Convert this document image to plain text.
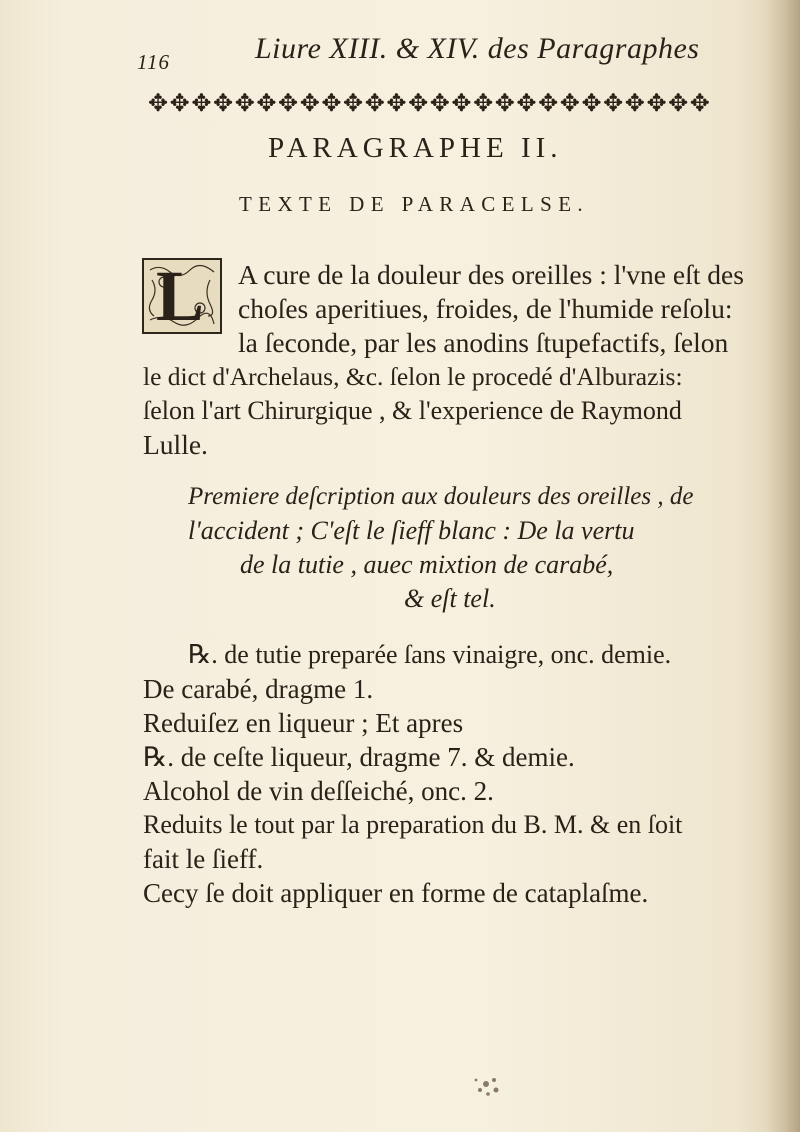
116	Liure XIII. & XIV. des Paragraphes
✥ ✥ ✥ ✥ ✥ ✥ ✥ ✥ ✥ ✥ ✥ ✥ ✥ ✥ ✥ ✥ ✥ ✥ ✥ ✥ ✥ ✥ ✥ ✥ ✥ ✥
PARAGRAPHE II.
TEXTE DE PARACELSE.
L A cure de la douleur des oreilles : l'vne eſt des
choſes aperitiues, froides, de l'humide reſolu:
la ſeconde, par les anodins ſtupefactifs, ſelon
le dict d'Archelaus, &c. ſelon le procedé d'Alburazis:
ſelon l'art Chirurgique , & l'experience de Raymond
Lulle.
Premiere deſcription aux douleurs des oreilles , de
l'accident ; C'eſt le ſieff blanc : De la vertu
de la tutie , auec mixtion de carabé,
& eſt tel.
℞. de tutie preparée ſans vinaigre, onc. demie.
De carabé, dragme 1.
Reduiſez en liqueur ; Et apres
℞. de ceſte liqueur, dragme 7. & demie.
Alcohol de vin deſſeiché, onc. 2.
Reduits le tout par la preparation du B. M. & en ſoit
fait le ſieff.
Cecy ſe doit appliquer en forme de cataplaſme.
